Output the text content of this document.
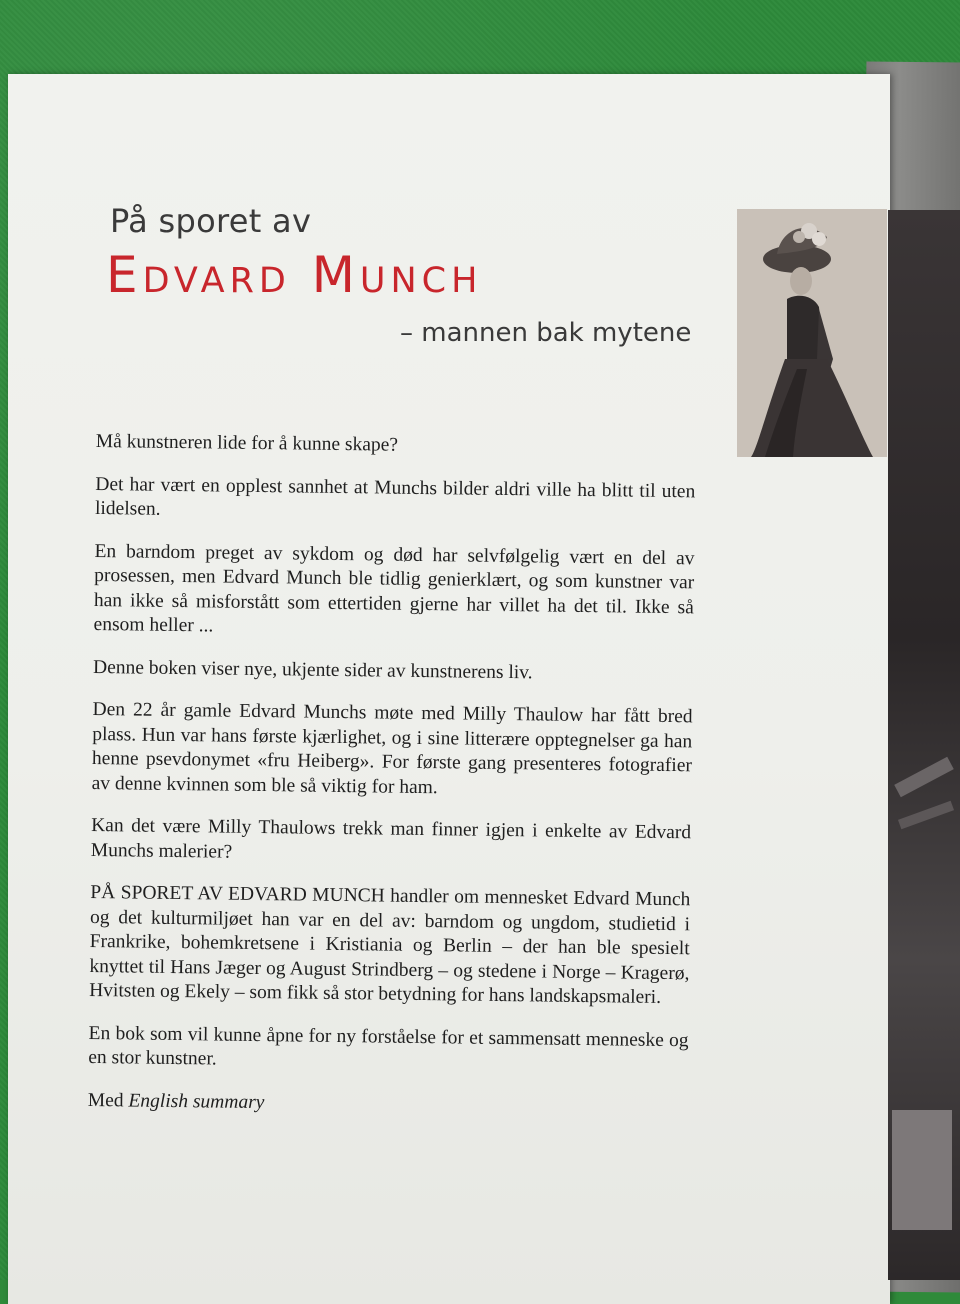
På sporet av
Edvard Munch
– mannen bak mytene

Må kunstneren lide for å kunne skape?

Det har vært en opplest sannhet at Munchs bilder aldri ville ha blitt til uten lidelsen.

En barndom preget av sykdom og død har selvfølgelig vært en del av prosessen, men Edvard Munch ble tidlig genierklært, og som kunstner var han ikke så misforstått som ettertiden gjerne har villet ha det til. Ikke så ensom heller ...

Denne boken viser nye, ukjente sider av kunstnerens liv.

Den 22 år gamle Edvard Munchs møte med Milly Thaulow har fått bred plass. Hun var hans første kjærlighet, og i sine litterære opptegnelser ga han henne psevdonymet «fru Heiberg». For første gang presenteres fotografier av denne kvinnen som ble så viktig for ham.

Kan det være Milly Thaulows trekk man finner igjen i enkelte av Edvard Munchs malerier?

PÅ SPORET AV EDVARD MUNCH handler om mennesket Edvard Munch og det kulturmiljøet han var en del av: barndom og ungdom, studietid i Frankrike, bohemkretsene i Kristiania og Berlin – der han ble spesielt knyttet til Hans Jæger og August Strindberg – og stedene i Norge – Kragerø, Hvitsten og Ekely – som fikk så stor betydning for hans landskapsmaleri.

En bok som vil kunne åpne for ny forståelse for et sammensatt menneske og en stor kunstner.

Med English summary
